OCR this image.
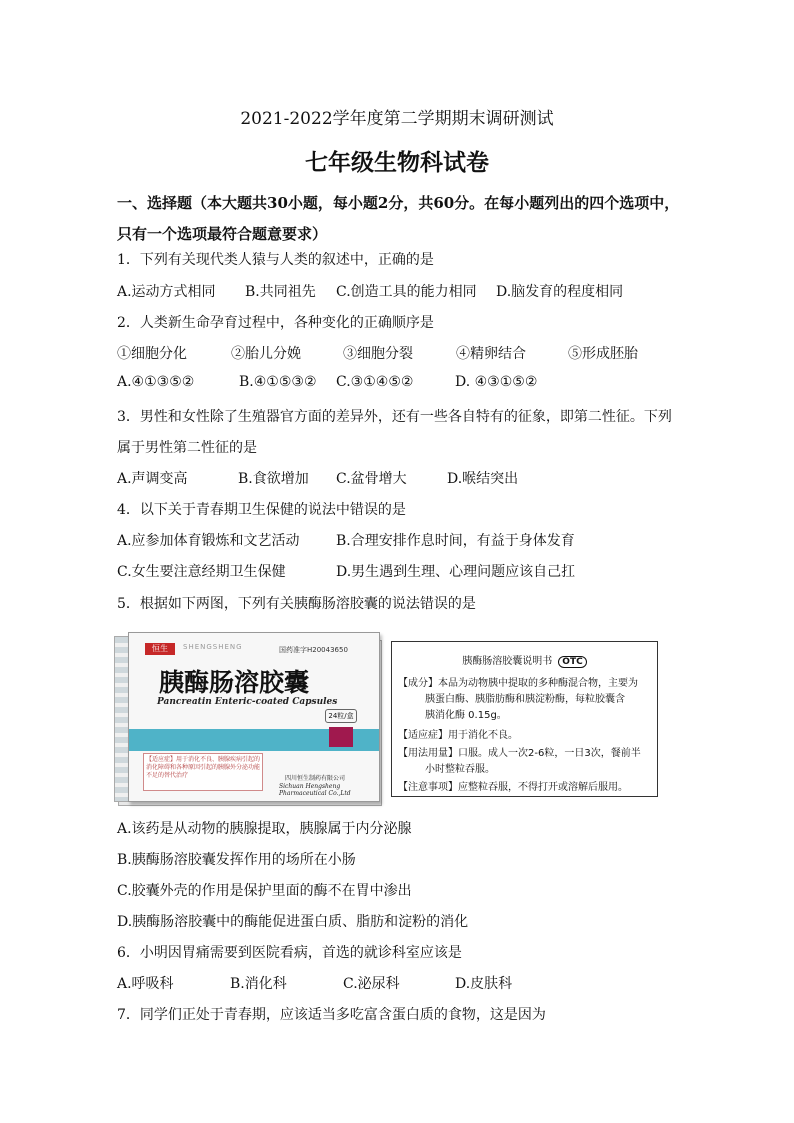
2021-2022学年度第二学期期末调研测试
七年级生物科试卷
一、选择题（本大题共30小题，每小题2分，共60分。在每小题列出的四个选项中，只有一个选项最符合题意要求）
1．下列有关现代类人猿与人类的叙述中，正确的是
A.运动方式相同 B.共同祖先 C.创造工具的能力相同 D.脑发育的程度相同
2．人类新生命孕育过程中，各种变化的正确顺序是
①细胞分化	②胎儿分娩	③细胞分裂	④精卵结合	⑤形成胚胎
A.④①③⑤②	B.④①⑤③② C.③①④⑤②	D. ④③①⑤②
3．男性和女性除了生殖器官方面的差异外，还有一些各自特有的征象，即第二性征。下列
属于男性第二性征的是
A.声调变高	B.食欲增加 C.盆骨增大	D.喉结突出
4．以下关于青春期卫生保健的说法中错误的是
A.应参加体育锻炼和文艺活动	B.合理安排作息时间，有益于身体发育
C.女生要注意经期卫生保健	D.男生遇到生理、心理问题应该自己扛
5．根据如下两图，下列有关胰酶肠溶胶囊的说法错误的是
恒生	SHENGSHENG	国药准字H20043650
胰酶肠溶胶囊
Pancreatin Enteric-coated Capsules
24粒/盒
【适应症】用于消化不良、胰腺疾病引起的消化障碍和各种原因引起的胰腺外分泌功能不足的替代治疗	四川恒生制药有限公司
Sichuan Hengsheng Pharmaceutical Co.,Ltd
胰酶肠溶胶囊说明书 OTC
【成分】本品为动物胰中提取的多种酶混合物，主要为
胰蛋白酶、胰脂肪酶和胰淀粉酶，每粒胶囊含
胰消化酶 0.15g。
【适应症】用于消化不良。
【用法用量】口服。成人一次2-6粒，一日3次，餐前半
小时整粒吞服。
【注意事项】应整粒吞服，不得打开或溶解后服用。
A.该药是从动物的胰腺提取，胰腺属于内分泌腺
B.胰酶肠溶胶囊发挥作用的场所在小肠
C.胶囊外壳的作用是保护里面的酶不在胃中渗出
D.胰酶肠溶胶囊中的酶能促进蛋白质、脂肪和淀粉的消化
6．小明因胃痛需要到医院看病，首选的就诊科室应该是
A.呼吸科	B.消化科	C.泌尿科	D.皮肤科
7．同学们正处于青春期，应该适当多吃富含蛋白质的食物，这是因为
